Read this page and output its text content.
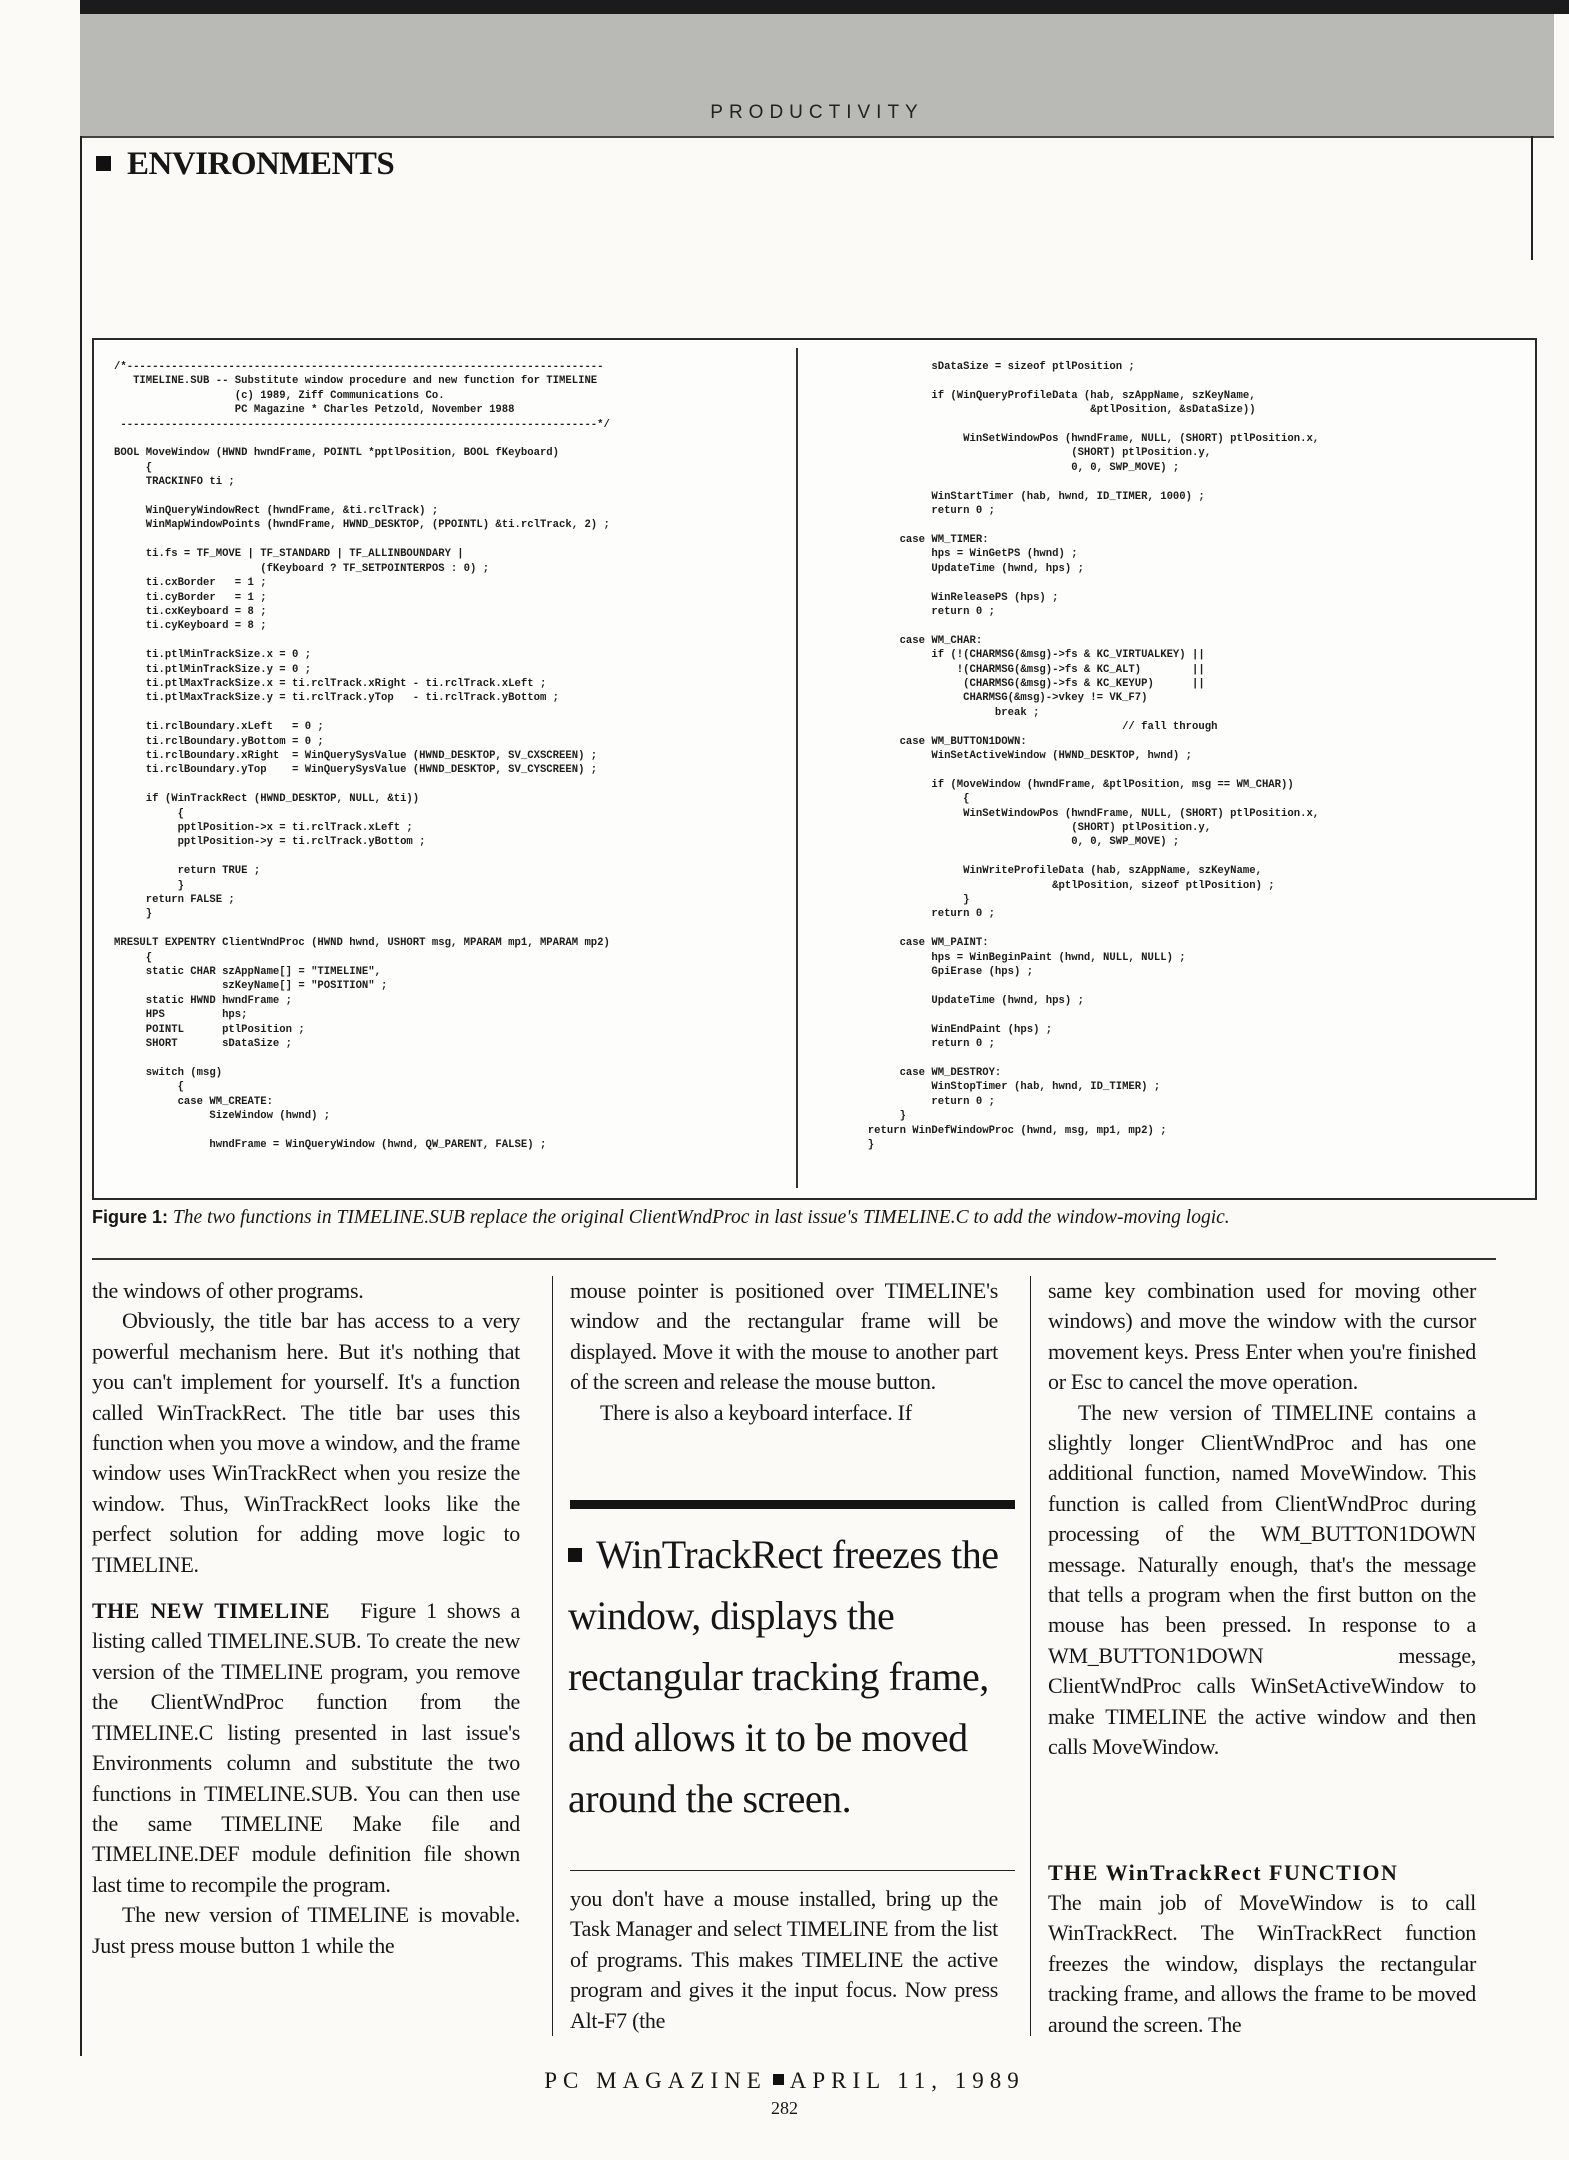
PRODUCTIVITY
ENVIRONMENTS
/*---------------------------------------------------------------------------
TIMELINE.SUB -- Substitute window procedure and new function for TIMELINE
(c) 1989, Ziff Communications Co.
PC Magazine * Charles Petzold, November 1988
---------------------------------------------------------------------------*/

BOOL MoveWindow (HWND hwndFrame, POINTL *pptlPosition, BOOL fKeyboard)
{
TRACKINFO ti ;

WinQueryWindowRect (hwndFrame, &ti.rclTrack) ;
WinMapWindowPoints (hwndFrame, HWND_DESKTOP, (PPOINTL) &ti.rclTrack, 2) ;

ti.fs = TF_MOVE | TF_STANDARD | TF_ALLINBOUNDARY |
(fKeyboard ? TF_SETPOINTERPOS : 0) ;
ti.cxBorder   = 1 ;
ti.cyBorder   = 1 ;
ti.cxKeyboard = 8 ;
ti.cyKeyboard = 8 ;

ti.ptlMinTrackSize.x = 0 ;
ti.ptlMinTrackSize.y = 0 ;
ti.ptlMaxTrackSize.x = ti.rclTrack.xRight - ti.rclTrack.xLeft ;
ti.ptlMaxTrackSize.y = ti.rclTrack.yTop   - ti.rclTrack.yBottom ;

ti.rclBoundary.xLeft   = 0 ;
ti.rclBoundary.yBottom = 0 ;
ti.rclBoundary.xRight  = WinQuerySysValue (HWND_DESKTOP, SV_CXSCREEN) ;
ti.rclBoundary.yTop    = WinQuerySysValue (HWND_DESKTOP, SV_CYSCREEN) ;

if (WinTrackRect (HWND_DESKTOP, NULL, &ti))
{
pptlPosition->x = ti.rclTrack.xLeft ;
pptlPosition->y = ti.rclTrack.yBottom ;

return TRUE ;
}
return FALSE ;
}

MRESULT EXPENTRY ClientWndProc (HWND hwnd, USHORT msg, MPARAM mp1, MPARAM mp2)
{
static CHAR szAppName[] = "TIMELINE",
szKeyName[] = "POSITION" ;
static HWND hwndFrame ;
HPS         hps;
POINTL      ptlPosition ;
SHORT       sDataSize ;

switch (msg)
{
case WM_CREATE:
SizeWindow (hwnd) ;

hwndFrame = WinQueryWindow (hwnd, QW_PARENT, FALSE) ;
sDataSize = sizeof ptlPosition ;

if (WinQueryProfileData (hab, szAppName, szKeyName,
&ptlPosition, &sDataSize))

WinSetWindowPos (hwndFrame, NULL, (SHORT) ptlPosition.x,
(SHORT) ptlPosition.y,
0, 0, SWP_MOVE) ;

WinStartTimer (hab, hwnd, ID_TIMER, 1000) ;
return 0 ;

case WM_TIMER:
hps = WinGetPS (hwnd) ;
UpdateTime (hwnd, hps) ;

WinReleasePS (hps) ;
return 0 ;

case WM_CHAR:
if (!(CHARMSG(&msg)->fs & KC_VIRTUALKEY) ||
!(CHARMSG(&msg)->fs & KC_ALT)        ||
(CHARMSG(&msg)->fs & KC_KEYUP)      ||
CHARMSG(&msg)->vkey != VK_F7)
break ;
// fall through
case WM_BUTTON1DOWN:
WinSetActiveWindow (HWND_DESKTOP, hwnd) ;

if (MoveWindow (hwndFrame, &ptlPosition, msg == WM_CHAR))
{
WinSetWindowPos (hwndFrame, NULL, (SHORT) ptlPosition.x,
(SHORT) ptlPosition.y,
0, 0, SWP_MOVE) ;

WinWriteProfileData (hab, szAppName, szKeyName,
&ptlPosition, sizeof ptlPosition) ;
}
return 0 ;

case WM_PAINT:
hps = WinBeginPaint (hwnd, NULL, NULL) ;
GpiErase (hps) ;

UpdateTime (hwnd, hps) ;

WinEndPaint (hps) ;
return 0 ;

case WM_DESTROY:
WinStopTimer (hab, hwnd, ID_TIMER) ;
return 0 ;
}
return WinDefWindowProc (hwnd, msg, mp1, mp2) ;
}
Figure 1: The two functions in TIMELINE.SUB replace the original ClientWndProc in last issue's TIMELINE.C to add the window-moving logic.

the windows of other programs.

Obviously, the title bar has access to a very powerful mechanism here. But it's nothing that you can't implement for yourself. It's a function called WinTrackRect. The title bar uses this function when you move a window, and the frame window uses WinTrackRect when you resize the window. Thus, WinTrackRect looks like the perfect solution for adding move logic to TIMELINE.

THE NEW TIMELINE Figure 1 shows a listing called TIMELINE.SUB. To create the new version of the TIMELINE program, you remove the ClientWndProc function from the TIMELINE.C listing presented in last issue's Environments column and substitute the two functions in TIMELINE.SUB. You can then use the same TIMELINE Make file and TIMELINE.DEF module definition file shown last time to recompile the program.

The new version of TIMELINE is movable. Just press mouse button 1 while the

mouse pointer is positioned over TIMELINE's window and the rectangular frame will be displayed. Move it with the mouse to another part of the screen and release the mouse button.

There is also a keyboard interface. If

WinTrackRect freezes the window, displays the rectangular tracking frame, and allows it to be moved around the screen.

you don't have a mouse installed, bring up the Task Manager and select TIMELINE from the list of programs. This makes TIMELINE the active program and gives it the input focus. Now press Alt-F7 (the

same key combination used for moving other windows) and move the window with the cursor movement keys. Press Enter when you're finished or Esc to cancel the move operation.

The new version of TIMELINE contains a slightly longer ClientWndProc and has one additional function, named MoveWindow. This function is called from ClientWndProc during processing of the WM_BUTTON1DOWN message. Naturally enough, that's the message that tells a program when the first button on the mouse has been pressed. In response to a WM_BUTTON1DOWN message, ClientWndProc calls WinSetActiveWindow to make TIMELINE the active window and then calls MoveWindow.

THE WinTrackRect FUNCTION

The main job of MoveWindow is to call WinTrackRect. The WinTrackRect function freezes the window, displays the rectangular tracking frame, and allows the frame to be moved around the screen. The

PC MAGAZINE APRIL 11, 1989
282
